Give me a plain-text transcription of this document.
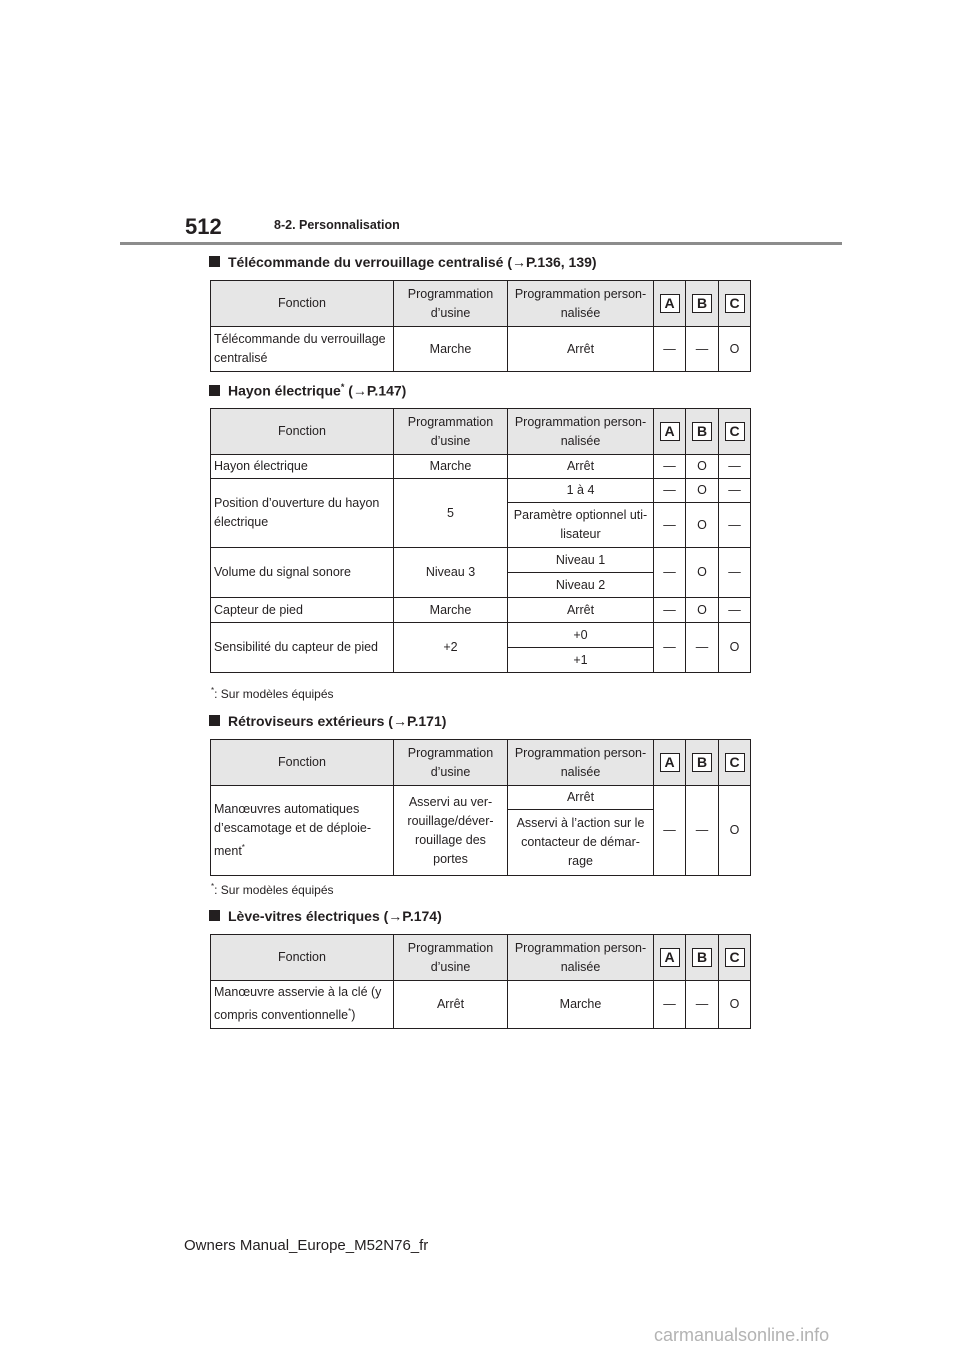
512	8-2. Personnalisation
Télécommande du verrouillage centralisé (→P.136, 139)
Fonction	Programmation d’usine	Programmation person-nalisée	A	B	C
Télécommande du verrouillage centralisé	Marche	Arrêt	—	—	O
Hayon électrique* (→P.147)
Fonction	Programmation d’usine	Programmation person-nalisée	A	B	C
Hayon électrique	Marche	Arrêt	—	O	—
Position d’ouverture du hayon électrique	5	1 à 4	—	O	—
		Paramètre optionnel uti-lisateur	—	O	—
Volume du signal sonore	Niveau 3	Niveau 1	—	O	—
		Niveau 2			
Capteur de pied	Marche	Arrêt	—	O	—
Sensibilité du capteur de pied	+2	+0	—	—	O
		+1			
*: Sur modèles équipés
Rétroviseurs extérieurs (→P.171)
Fonction	Programmation d’usine	Programmation person-nalisée	A	B	C
Manœuvres automatiques d’escamotage et de déploie-ment*	Asservi au ver-rouillage/déver-rouillage des portes	Arrêt	—	—	O
		Asservi à l’action sur le contacteur de démar-rage			
*: Sur modèles équipés
Lève-vitres électriques (→P.174)
Fonction	Programmation d’usine	Programmation person-nalisée	A	B	C
Manœuvre asservie à la clé (y compris conventionnelle*)	Arrêt	Marche	—	—	O
Owners Manual_Europe_M52N76_fr
carmanualsonline.info
